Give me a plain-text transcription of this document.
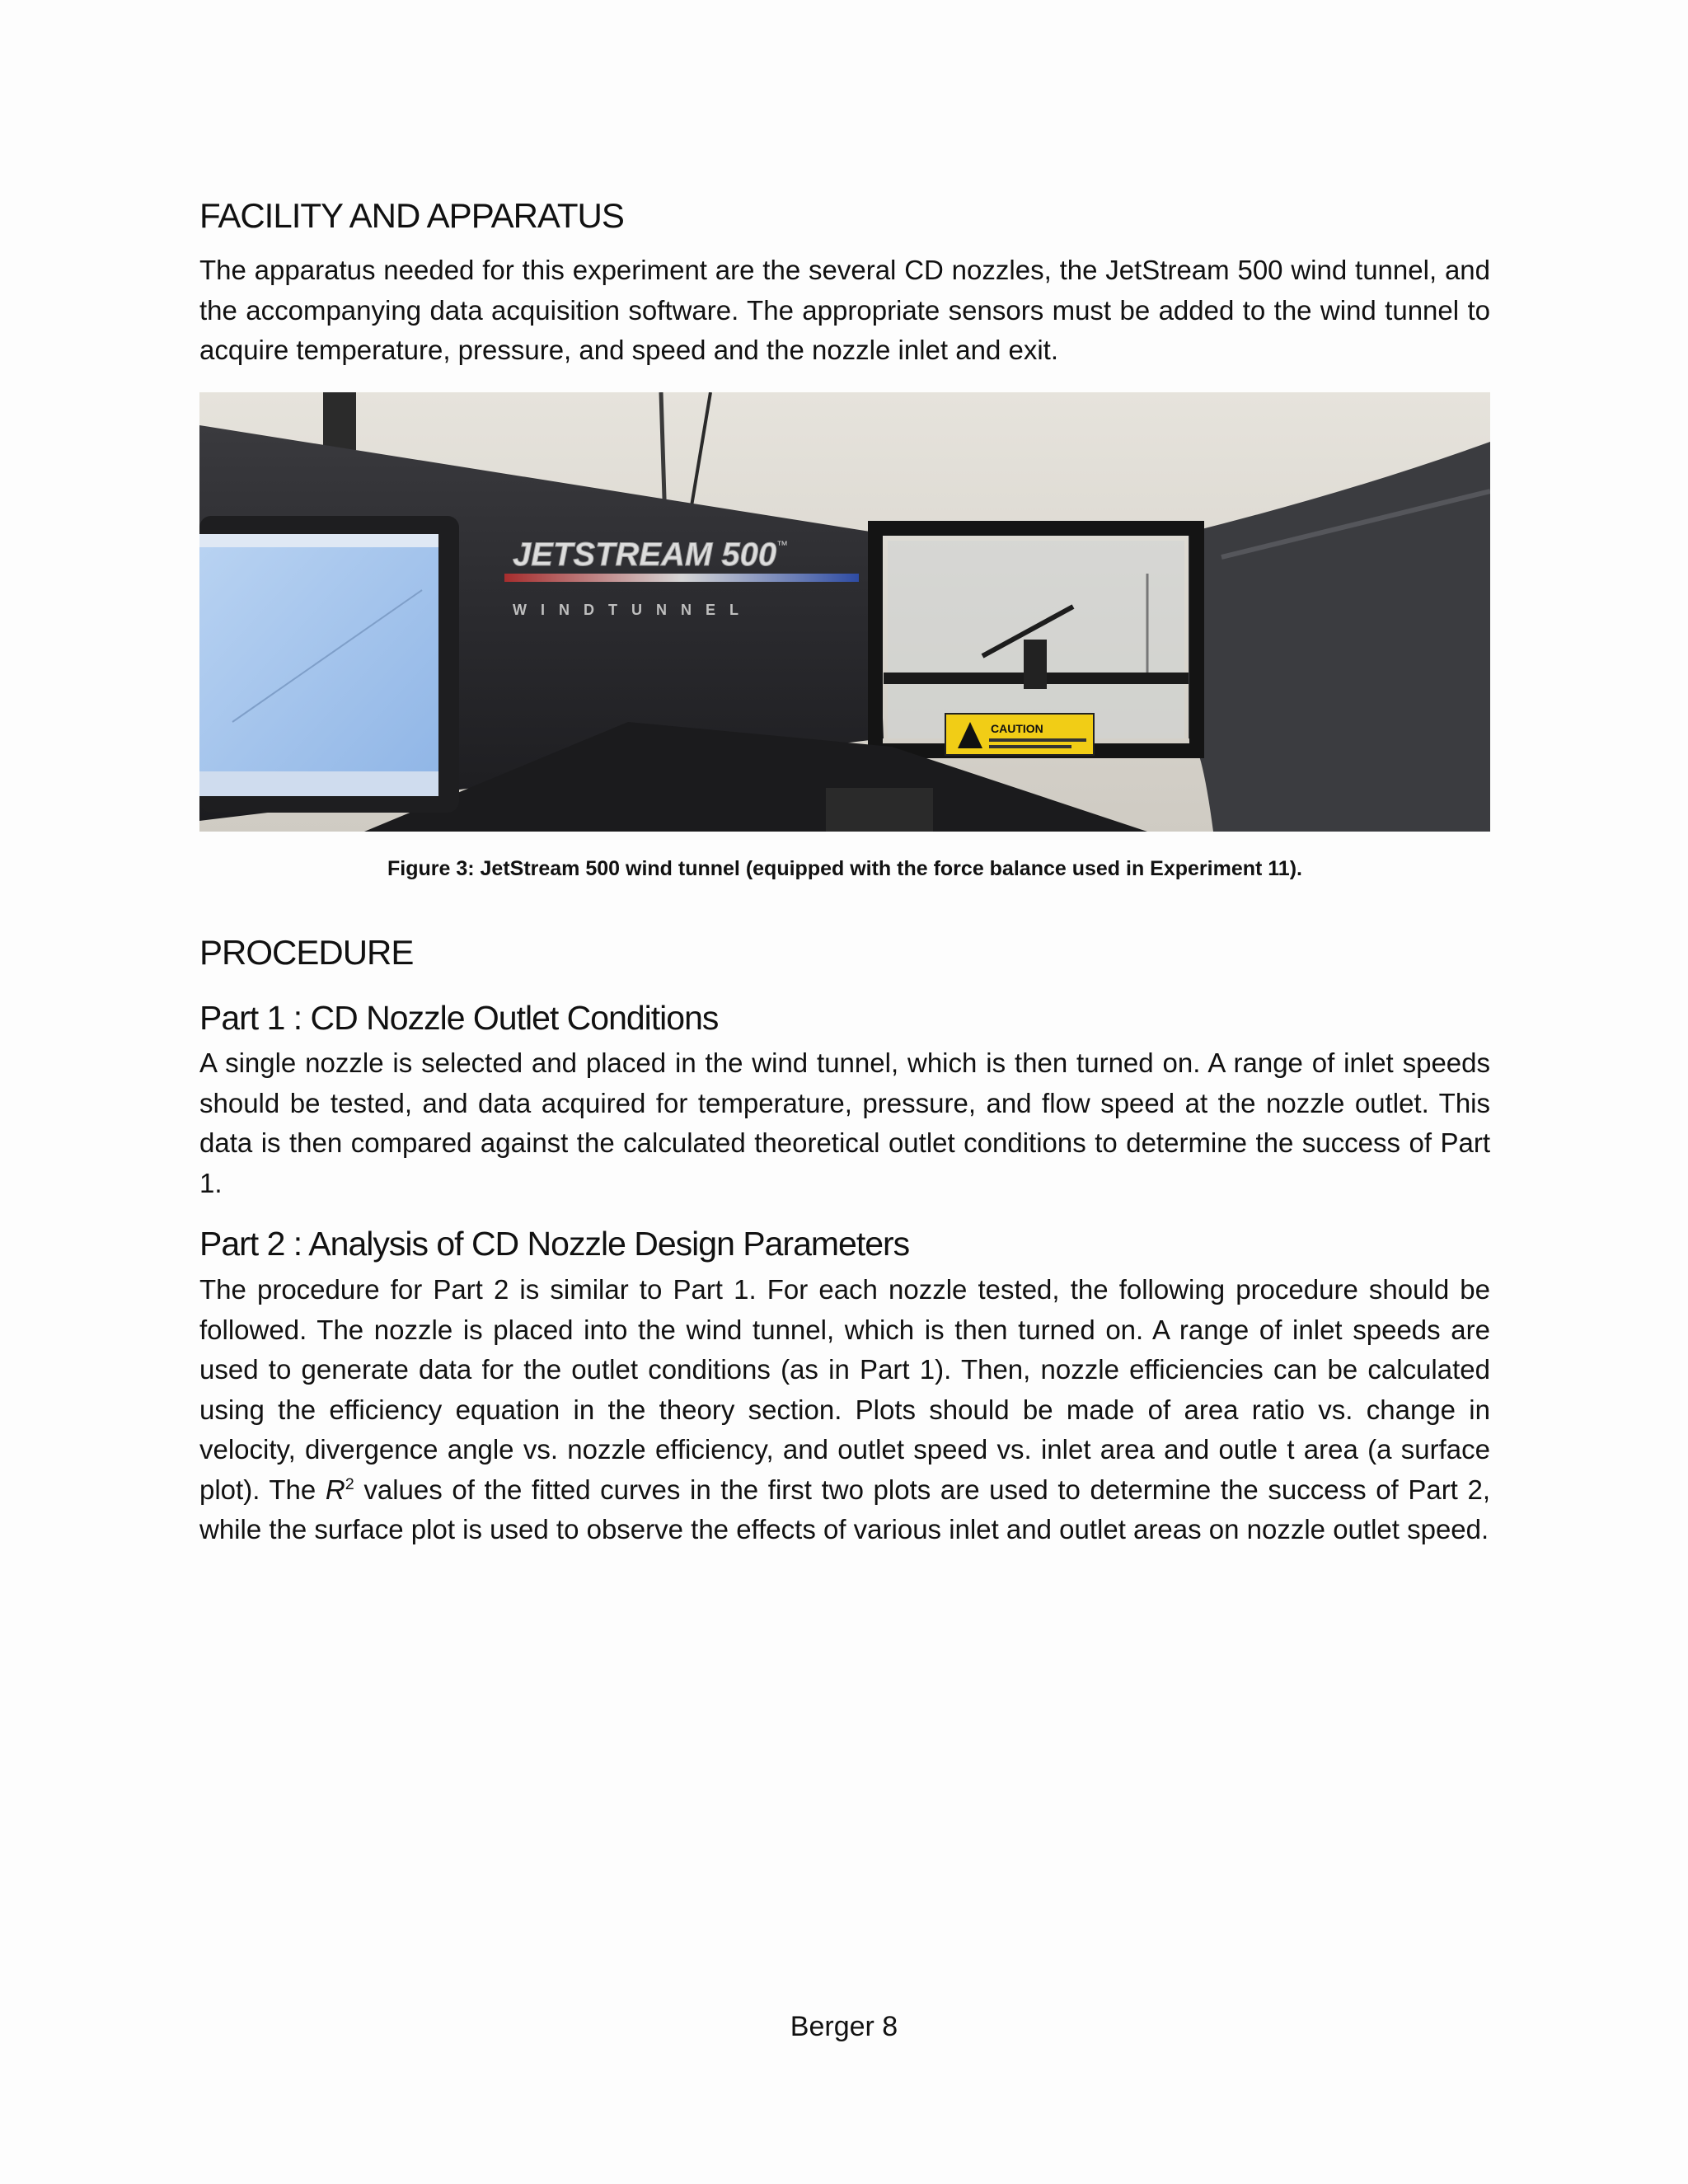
FACILITY AND APPARATUS

The apparatus needed for this experiment are the several CD nozzles, the JetStream 500 wind tunnel, and the accompanying data acquisition software. The appropriate sensors must be added to the wind tunnel to acquire temperature, pressure, and speed and the nozzle inlet and exit.

CAUTION
JETSTREAM 500 ™
W I N D T U N N E L
Figure 3: JetStream 500 wind tunnel (equipped with the force balance used in Experiment 11).
PROCEDURE
Part 1 : CD Nozzle Outlet Conditions

A single nozzle is selected and placed in the wind tunnel, which is then turned on. A range of inlet speeds should be tested, and data acquired for temperature, pressure, and flow speed at the nozzle outlet. This data is then compared against the calculated theoretical outlet conditions to determine the success of Part 1.

Part 2 : Analysis of CD Nozzle Design Parameters

The procedure for Part 2 is similar to Part 1. For each nozzle tested, the following procedure should be followed. The nozzle is placed into the wind tunnel, which is then turned on. A range of inlet speeds are used to generate data for the outlet conditions (as in Part 1). Then, nozzle efficiencies can be calculated using the efficiency equation in the theory section. Plots should be made of area ratio vs. change in velocity, divergence angle vs. nozzle efficiency, and outlet speed vs. inlet area and outle t area (a surface plot). The $R^2$ values of the fitted curves in the first two plots are used to determine the success of Part 2, while the surface plot is used to observe the effects of various inlet and outlet areas on nozzle outlet speed.

Berger 8
